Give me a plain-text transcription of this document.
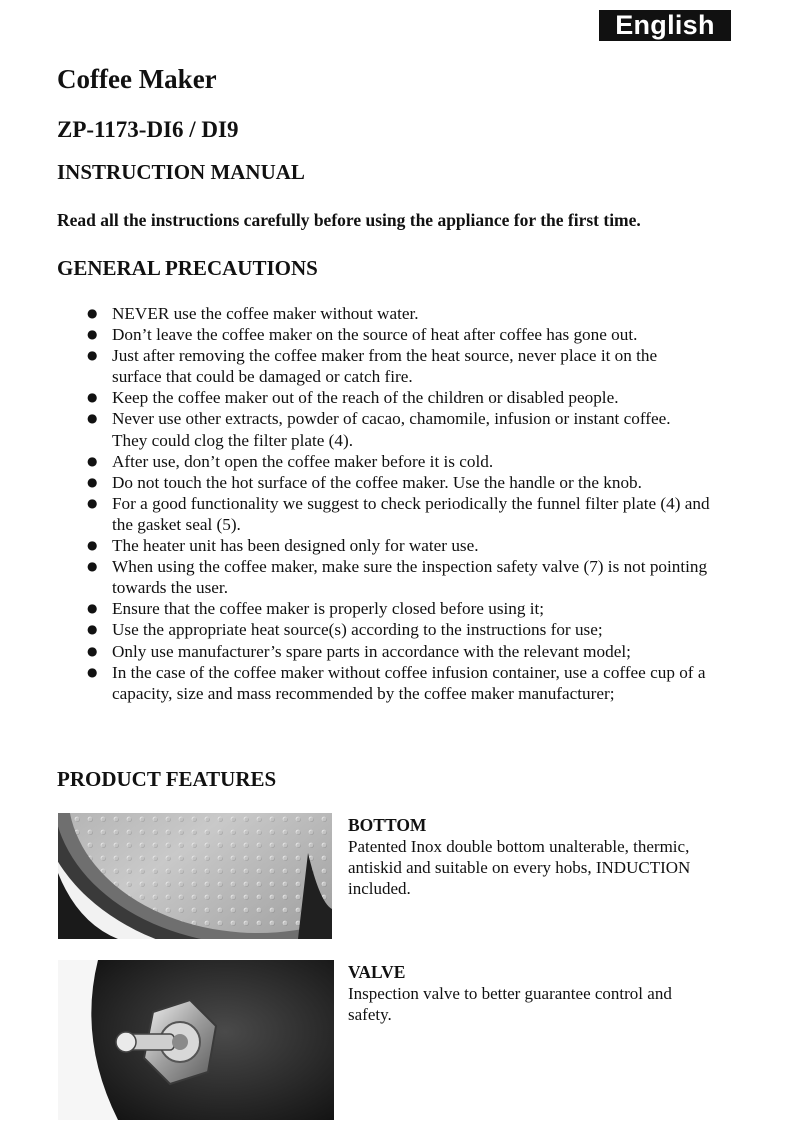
English
Coffee Maker
ZP-1173-DI6 / DI9
INSTRUCTION MANUAL

Read all the instructions carefully before using the appliance for the first time.

GENERAL PRECAUTIONS
● NEVER use the coffee maker without water.
● Don’t leave the coffee maker on the source of heat after coffee has gone out.
● Just after removing the coffee maker from the heat source, never place it on the
surface that could be damaged or catch fire.
● Keep the coffee maker out of the reach of the children or disabled people.
● Never use other extracts, powder of cacao, chamomile, infusion or instant coffee.
They could clog the filter plate (4).
● After use, don’t open the coffee maker before it is cold.
● Do not touch the hot surface of the coffee maker. Use the handle or the knob.
● For a good functionality we suggest to check periodically the funnel filter plate (4) and
the gasket seal (5).
● The heater unit has been designed only for water use.
● When using the coffee maker, make sure the inspection safety valve (7) is not pointing
towards the user.
● Ensure that the coffee maker is properly closed before using it;
● Use the appropriate heat source(s) according to the instructions for use;
● Only use manufacturer’s spare parts in accordance with the relevant model;
● In the case of the coffee maker without coffee infusion container, use a coffee cup of a
capacity, size and mass recommended by the coffee maker manufacturer;
PRODUCT FEATURES

BOTTOM

Patented Inox double bottom unalterable, thermic,
antiskid and suitable on every hobs, INDUCTION
included.

VALVE

Inspection valve to better guarantee control and
safety.
